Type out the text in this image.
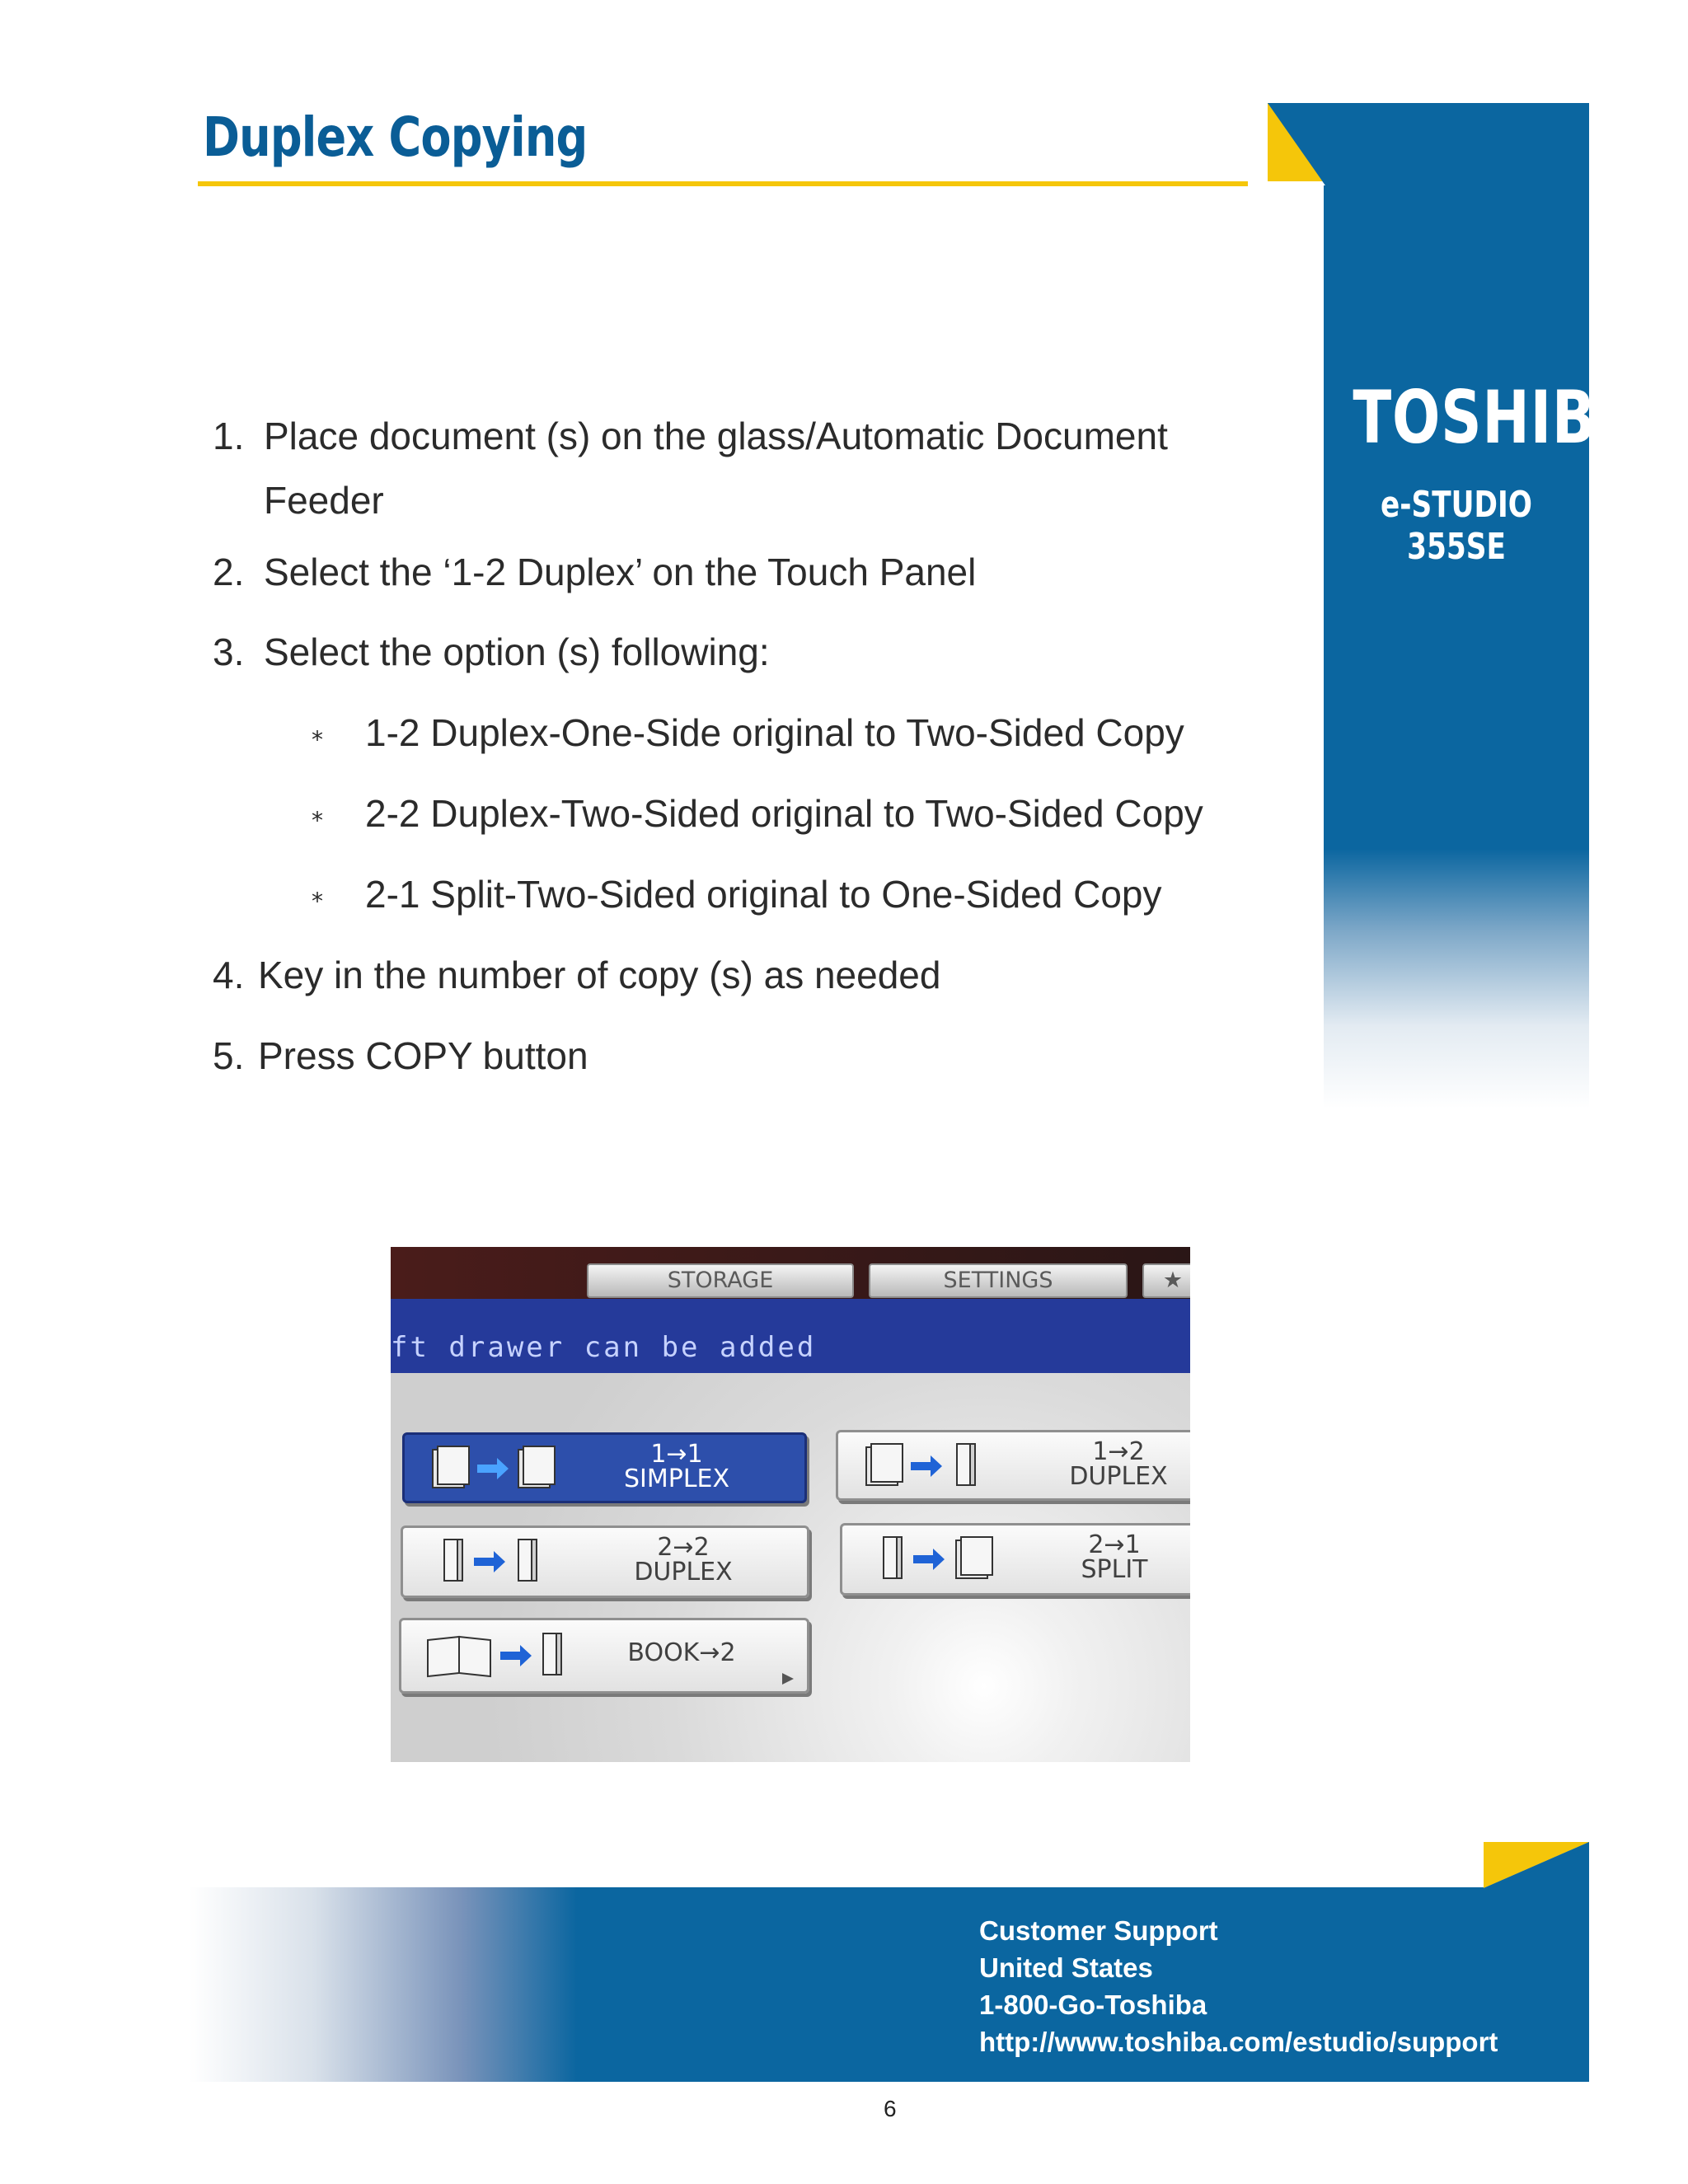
Duplex Copying
TOSHIBA
e-STUDIO 355SE
1. Place document (s) on the glass/Automatic Document Feeder
2. Select the ‘1-2 Duplex’ on the Touch Panel
3. Select the option (s) following:
⁎ 1-2 Duplex-One-Side original to Two-Sided Copy
⁎ 2-2 Duplex-Two-Sided original to Two-Sided Copy
⁎ 2-1 Split-Two-Sided original to One-Sided Copy
4. Key in the number of copy (s) as needed
5. Press COPY button
STORAGE	SETTINGS	★
ft drawer can be added
1→1
SIMPLEX
1→2
DUPLEX
2→2
DUPLEX
2→1
SPLIT
BOOK→2
Customer Support
United States
1-800-Go-Toshiba
http://www.toshiba.com/estudio/support
6
